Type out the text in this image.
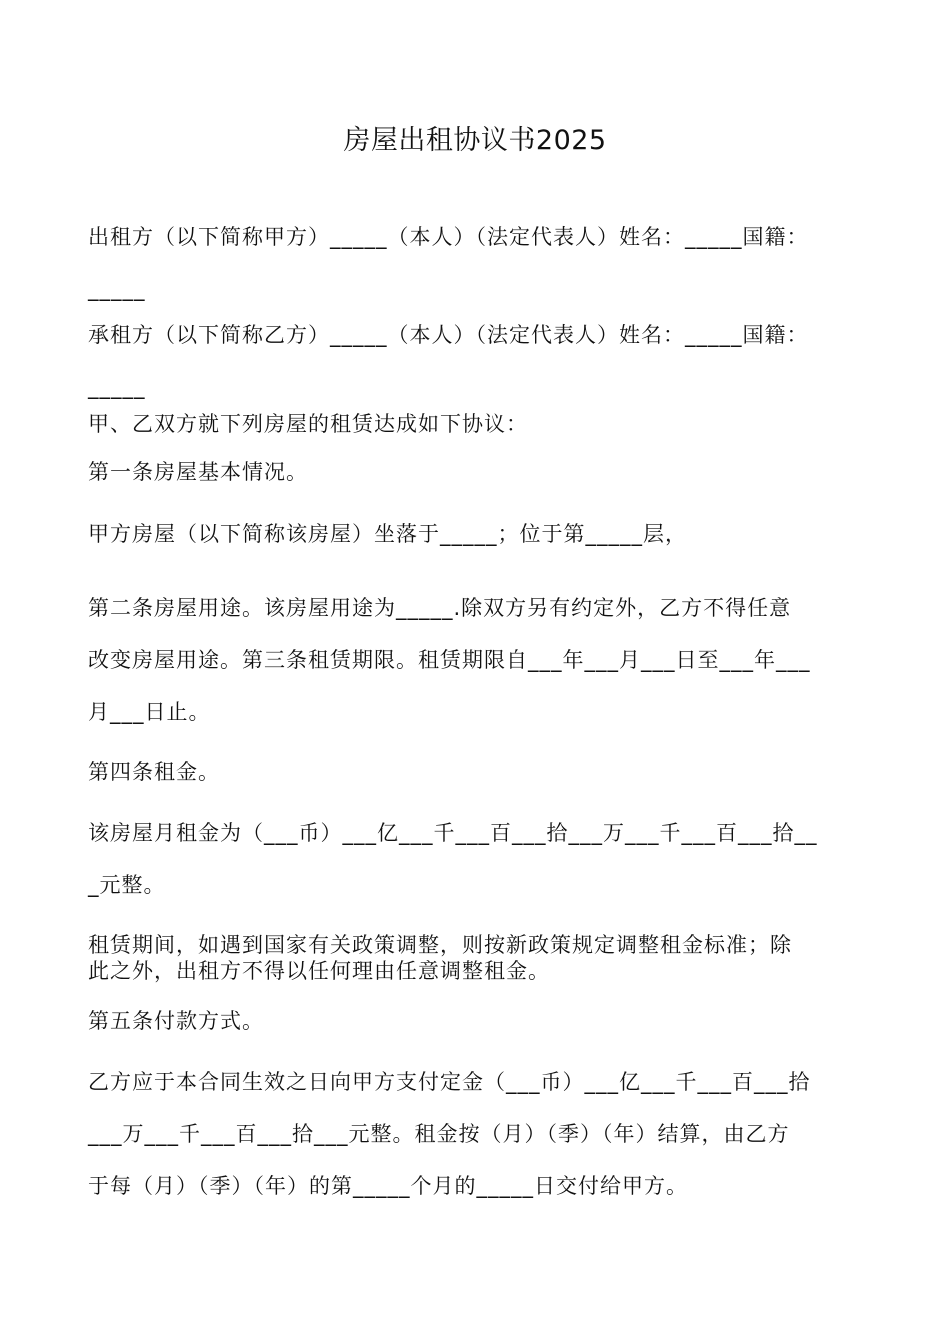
房屋出租协议书2025
出租方（以下简称甲方）_____（本人）（法定代表人）姓名：_____国籍：
_____
承租方（以下简称乙方）_____（本人）（法定代表人）姓名：_____国籍：
_____
甲、乙双方就下列房屋的租赁达成如下协议：
第一条房屋基本情况。
甲方房屋（以下简称该房屋）坐落于_____；位于第_____层，
第二条房屋用途。该房屋用途为_____.除双方另有约定外，乙方不得任意
改变房屋用途。第三条租赁期限。租赁期限自___年___月___日至___年___
月___日止。
第四条租金。
该房屋月租金为（___币）___亿___千___百___拾___万___千___百___拾__
_元整。
租赁期间，如遇到国家有关政策调整，则按新政策规定调整租金标准；除
此之外，出租方不得以任何理由任意调整租金。
第五条付款方式。
乙方应于本合同生效之日向甲方支付定金（___币）___亿___千___百___拾
___万___千___百___拾___元整。租金按（月）（季）（年）结算，由乙方
于每（月）（季）（年）的第_____个月的_____日交付给甲方。
